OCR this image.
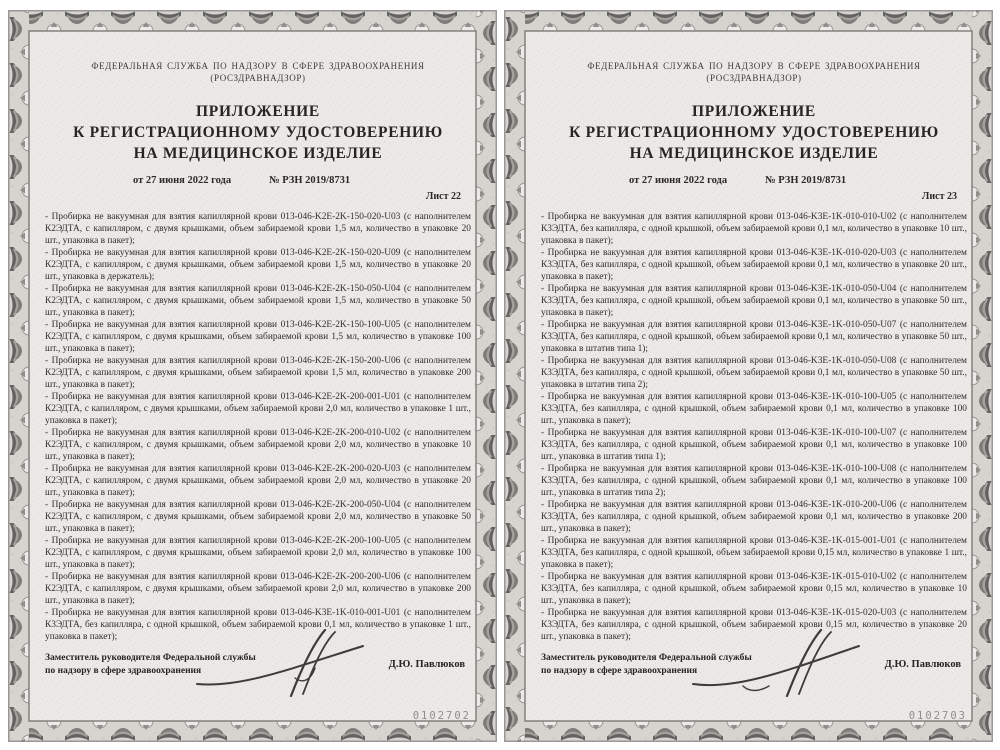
ФЕДЕРАЛЬНАЯ СЛУЖБА ПО НАДЗОРУ В СФЕРЕ ЗДРАВООХРАНЕНИЯ
(РОСЗДРАВНАДЗОР)
ПРИЛОЖЕНИЕ
К РЕГИСТРАЦИОННОМУ УДОСТОВЕРЕНИЮ
НА МЕДИЦИНСКОЕ ИЗДЕЛИЕ
от 27 июня 2022 года	№ РЗН 2019/8731
Лист 22

- Пробирка не вакуумная для взятия капиллярной крови 013-046-K2E-2K-150-020-U03 (с наполнителем К2ЭДТА, с капилляром, с двумя крышками, объем забираемой крови 1,5 мл, количество в упаковке 20 шт., упаковка в пакет);

- Пробирка не вакуумная для взятия капиллярной крови 013-046-K2E-2K-150-020-U09 (с наполнителем К2ЭДТА, с капилляром, с двумя крышками, объем забираемой крови 1,5 мл, количество в упаковке 20 шт., упаковка в держатель);

- Пробирка не вакуумная для взятия капиллярной крови 013-046-K2E-2K-150-050-U04 (с наполнителем К2ЭДТА, с капилляром, с двумя крышками, объем забираемой крови 1,5 мл, количество в упаковке 50 шт., упаковка в пакет);

- Пробирка не вакуумная для взятия капиллярной крови 013-046-K2E-2K-150-100-U05 (с наполнителем К2ЭДТА, с капилляром, с двумя крышками, объем забираемой крови 1,5 мл, количество в упаковке 100 шт., упаковка в пакет);

- Пробирка не вакуумная для взятия капиллярной крови 013-046-K2E-2K-150-200-U06 (с наполнителем К2ЭДТА, с капилляром, с двумя крышками, объем забираемой крови 1,5 мл, количество в упаковке 200 шт., упаковка в пакет);

- Пробирка не вакуумная для взятия капиллярной крови 013-046-K2E-2K-200-001-U01 (с наполнителем К2ЭДТА, с капилляром, с двумя крышками, объем забираемой крови 2,0 мл, количество в упаковке 1 шт., упаковка в пакет);

- Пробирка не вакуумная для взятия капиллярной крови 013-046-K2E-2K-200-010-U02 (с наполнителем К2ЭДТА, с капилляром, с двумя крышками, объем забираемой крови 2,0 мл, количество в упаковке 10 шт., упаковка в пакет);

- Пробирка не вакуумная для взятия капиллярной крови 013-046-K2E-2K-200-020-U03 (с наполнителем К2ЭДТА, с капилляром, с двумя крышками, объем забираемой крови 2,0 мл, количество в упаковке 20 шт., упаковка в пакет);

- Пробирка не вакуумная для взятия капиллярной крови 013-046-K2E-2K-200-050-U04 (с наполнителем К2ЭДТА, с капилляром, с двумя крышками, объем забираемой крови 2,0 мл, количество в упаковке 50 шт., упаковка в пакет);

- Пробирка не вакуумная для взятия капиллярной крови 013-046-K2E-2K-200-100-U05 (с наполнителем К2ЭДТА, с капилляром, с двумя крышками, объем забираемой крови 2,0 мл, количество в упаковке 100 шт., упаковка в пакет);

- Пробирка не вакуумная для взятия капиллярной крови 013-046-K2E-2K-200-200-U06 (с наполнителем К2ЭДТА, с капилляром, с двумя крышками, объем забираемой крови 2,0 мл, количество в упаковке 200 шт., упаковка в пакет);

- Пробирка не вакуумная для взятия капиллярной крови 013-046-K3E-1K-010-001-U01 (с наполнителем К3ЭДТА, без капилляра, с одной крышкой, объем забираемой крови 0,1 мл, количество в упаковке 1 шт., упаковка в пакет);

Заместитель руководителя Федеральной службы
по надзору в сфере здравоохранения
Д.Ю. Павлюков
0102702
ФЕДЕРАЛЬНАЯ СЛУЖБА ПО НАДЗОРУ В СФЕРЕ ЗДРАВООХРАНЕНИЯ
(РОСЗДРАВНАДЗОР)
ПРИЛОЖЕНИЕ
К РЕГИСТРАЦИОННОМУ УДОСТОВЕРЕНИЮ
НА МЕДИЦИНСКОЕ ИЗДЕЛИЕ
от 27 июня 2022 года	№ РЗН 2019/8731
Лист 23

- Пробирка не вакуумная для взятия капиллярной крови 013-046-K3E-1K-010-010-U02 (с наполнителем К3ЭДТА, без капилляра, с одной крышкой, объем забираемой крови 0,1 мл, количество в упаковке 10 шт., упаковка в пакет);

- Пробирка не вакуумная для взятия капиллярной крови 013-046-K3E-1K-010-020-U03 (с наполнителем К3ЭДТА, без капилляра, с одной крышкой, объем забираемой крови 0,1 мл, количество в упаковке 20 шт., упаковка в пакет);

- Пробирка не вакуумная для взятия капиллярной крови 013-046-K3E-1K-010-050-U04 (с наполнителем К3ЭДТА, без капилляра, с одной крышкой, объем забираемой крови 0,1 мл, количество в упаковке 50 шт., упаковка в пакет);

- Пробирка не вакуумная для взятия капиллярной крови 013-046-K3E-1K-010-050-U07 (с наполнителем К3ЭДТА, без капилляра, с одной крышкой, объем забираемой крови 0,1 мл, количество в упаковке 50 шт., упаковка в штатив типа 1);

- Пробирка не вакуумная для взятия капиллярной крови 013-046-K3E-1K-010-050-U08 (с наполнителем К3ЭДТА, без капилляра, с одной крышкой, объем забираемой крови 0,1 мл, количество в упаковке 50 шт., упаковка в штатив типа 2);

- Пробирка не вакуумная для взятия капиллярной крови 013-046-K3E-1K-010-100-U05 (с наполнителем К3ЭДТА, без капилляра, с одной крышкой, объем забираемой крови 0,1 мл, количество в упаковке 100 шт., упаковка в пакет);

- Пробирка не вакуумная для взятия капиллярной крови 013-046-K3E-1K-010-100-U07 (с наполнителем К3ЭДТА, без капилляра, с одной крышкой, объем забираемой крови 0,1 мл, количество в упаковке 100 шт., упаковка в штатив типа 1);

- Пробирка не вакуумная для взятия капиллярной крови 013-046-K3E-1K-010-100-U08 (с наполнителем К3ЭДТА, без капилляра, с одной крышкой, объем забираемой крови 0,1 мл, количество в упаковке 100 шт., упаковка в штатив типа 2);

- Пробирка не вакуумная для взятия капиллярной крови 013-046-K3E-1K-010-200-U06 (с наполнителем К3ЭДТА, без капилляра, с одной крышкой, объем забираемой крови 0,1 мл, количество в упаковке 200 шт., упаковка в пакет);

- Пробирка не вакуумная для взятия капиллярной крови 013-046-K3E-1K-015-001-U01 (с наполнителем К3ЭДТА, без капилляра, с одной крышкой, объем забираемой крови 0,15 мл, количество в упаковке 1 шт., упаковка в пакет);

- Пробирка не вакуумная для взятия капиллярной крови 013-046-K3E-1K-015-010-U02 (с наполнителем К3ЭДТА, без капилляра, с одной крышкой, объем забираемой крови 0,15 мл, количество в упаковке 10 шт., упаковка в пакет);

- Пробирка не вакуумная для взятия капиллярной крови 013-046-K3E-1K-015-020-U03 (с наполнителем К3ЭДТА, без капилляра, с одной крышкой, объем забираемой крови 0,15 мл, количество в упаковке 20 шт., упаковка в пакет);

Заместитель руководителя Федеральной службы
по надзору в сфере здравоохранения
Д.Ю. Павлюков
0102703
